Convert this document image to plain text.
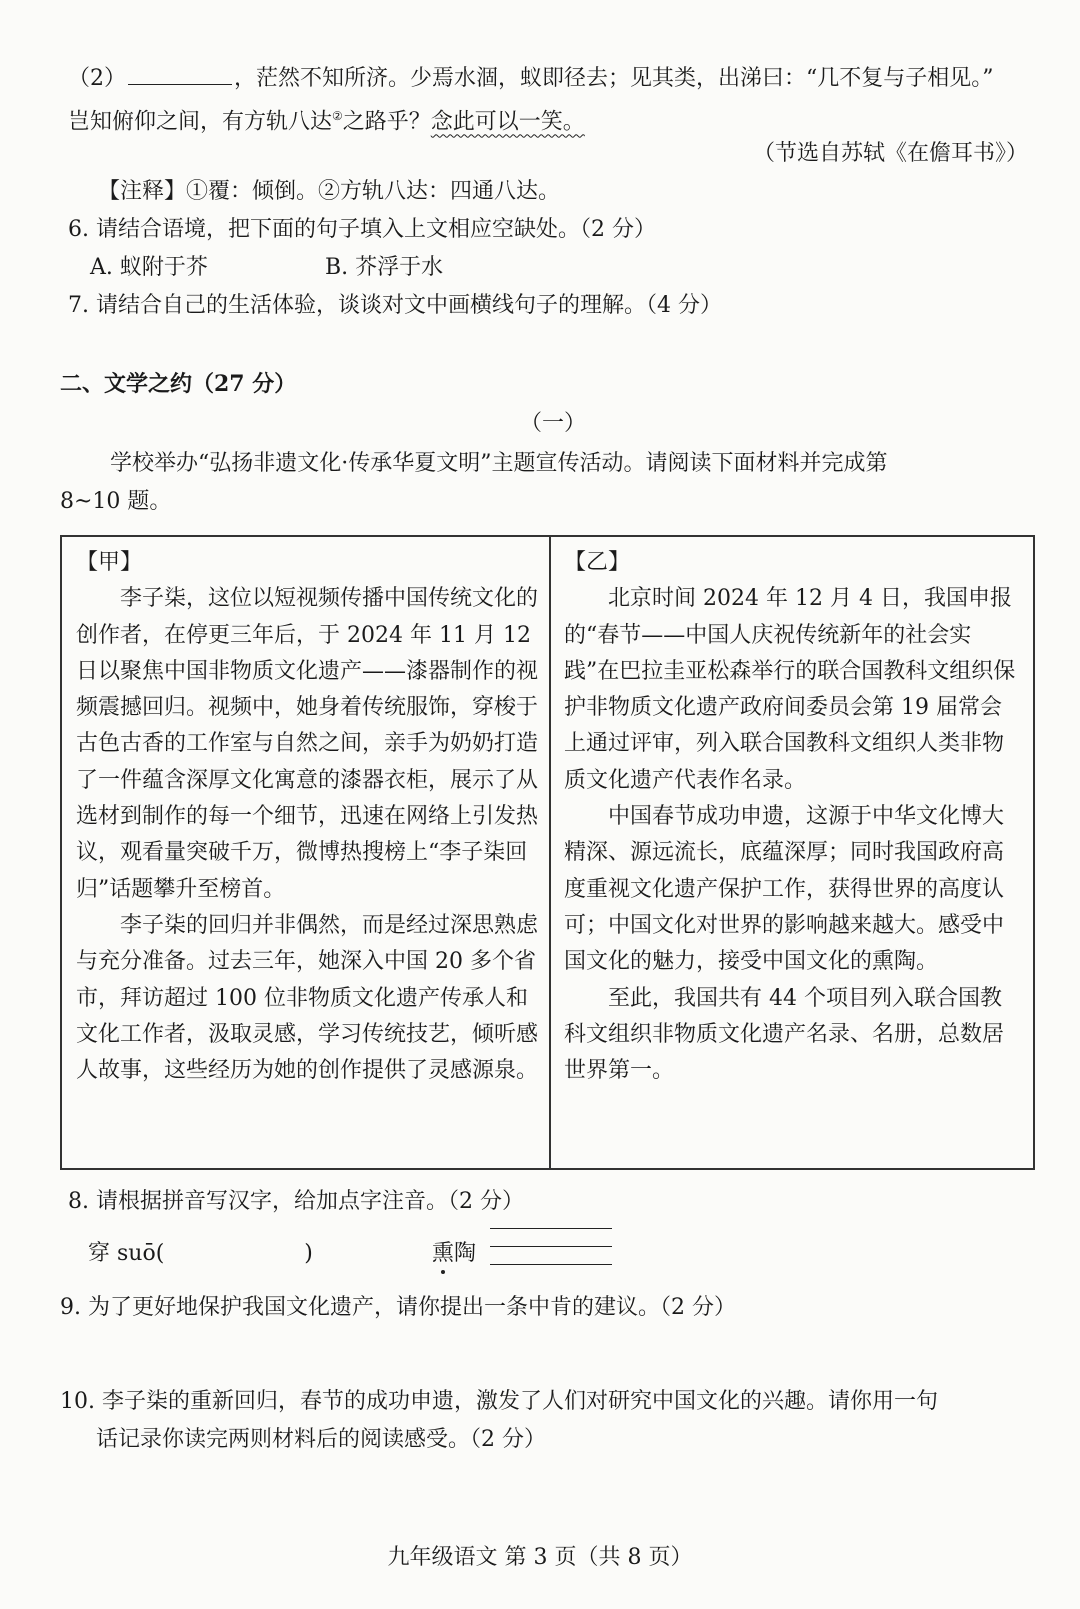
（2）	，茫然不知所济。少焉水涸，蚁即径去；见其类，出涕曰：“几不复与子相见。”
岂知俯仰之间，有方轨八达②之路乎？念此可以一笑。
（节选自苏轼《在儋耳书》）
【注释】①覆：倾倒。②方轨八达：四通八达。
6. 请结合语境，把下面的句子填入上文相应空缺处。（2 分）
A. 蚁附于芥	B. 芥浮于水
7. 请结合自己的生活体验，谈谈对文中画横线句子的理解。（4 分）
二、文学之约（27 分）
（一）
学校举办“弘扬非遗文化·传承华夏文明”主题宣传活动。请阅读下面材料并完成第
8~10 题。

【甲】

李子柒，这位以短视频传播中国传统文化的创作者，在停更三年后，于 2024 年 11 月 12 日以聚焦中国非物质文化遗产——漆器制作的视频震撼回归。视频中，她身着传统服饰，穿梭于古色古香的工作室与自然之间，亲手为奶奶打造了一件蕴含深厚文化寓意的漆器衣柜，展示了从选材到制作的每一个细节，迅速在网络上引发热议，观看量突破千万，微博热搜榜上“李子柒回归”话题攀升至榜首。

李子柒的回归并非偶然，而是经过深思熟虑与充分准备。过去三年，她深入中国 20 多个省市，拜访超过 100 位非物质文化遗产传承人和文化工作者，汲取灵感，学习传统技艺，倾听感人故事，这些经历为她的创作提供了灵感源泉。

【乙】

北京时间 2024 年 12 月 4 日，我国申报的“春节——中国人庆祝传统新年的社会实践”在巴拉圭亚松森举行的联合国教科文组织保护非物质文化遗产政府间委员会第 19 届常会上通过评审，列入联合国教科文组织人类非物质文化遗产代表作名录。

中国春节成功申遗，这源于中华文化博大精深、源远流长，底蕴深厚；同时我国政府高度重视文化遗产保护工作，获得世界的高度认可；中国文化对世界的影响越来越大。感受中国文化的魅力，接受中国文化的熏陶。

至此，我国共有 44 个项目列入联合国教科文组织非物质文化遗产名录、名册，总数居世界第一。

8. 请根据拼音写汉字，给加点字注音。（2 分）
穿 suō(	)	熏陶
9. 为了更好地保护我国文化遗产，请你提出一条中肯的建议。（2 分）
10. 李子柒的重新回归，春节的成功申遗，激发了人们对研究中国文化的兴趣。请你用一句
话记录你读完两则材料后的阅读感受。（2 分）
九年级语文 第 3 页（共 8 页）
